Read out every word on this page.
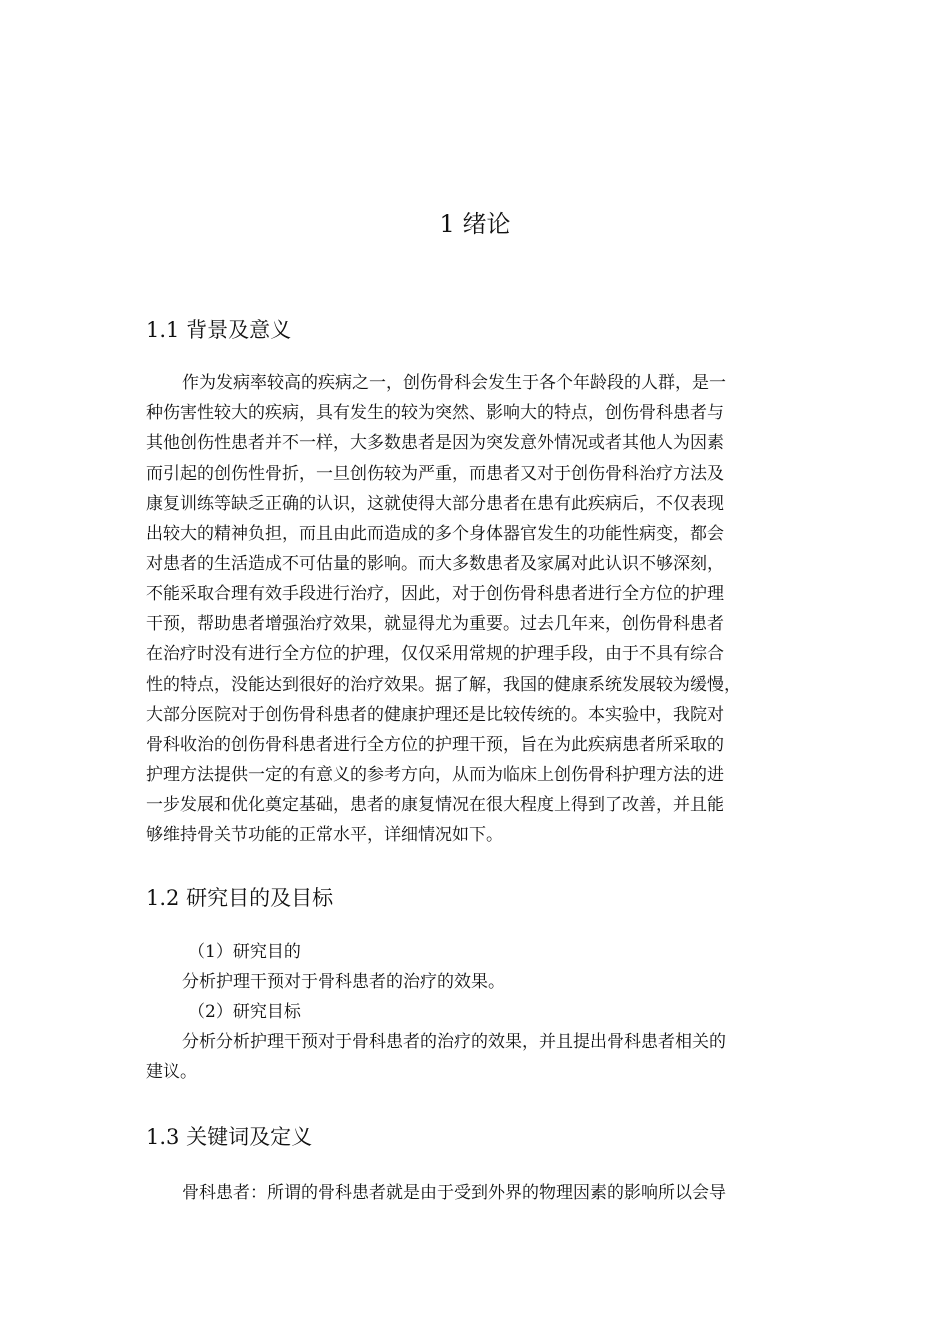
1 绪论
1.1 背景及意义

作为发病率较高的疾病之一，创伤骨科会发生于各个年龄段的人群，是一

种伤害性较大的疾病，具有发生的较为突然、影响大的特点，创伤骨科患者与

其他创伤性患者并不一样，大多数患者是因为突发意外情况或者其他人为因素

而引起的创伤性骨折，一旦创伤较为严重，而患者又对于创伤骨科治疗方法及

康复训练等缺乏正确的认识，这就使得大部分患者在患有此疾病后，不仅表现

出较大的精神负担，而且由此而造成的多个身体器官发生的功能性病变，都会

对患者的生活造成不可估量的影响。而大多数患者及家属对此认识不够深刻，

不能采取合理有效手段进行治疗，因此，对于创伤骨科患者进行全方位的护理

干预，帮助患者增强治疗效果，就显得尤为重要。过去几年来，创伤骨科患者

在治疗时没有进行全方位的护理，仅仅采用常规的护理手段，由于不具有综合

性的特点，没能达到很好的治疗效果。据了解，我国的健康系统发展较为缓慢，

大部分医院对于创伤骨科患者的健康护理还是比较传统的。本实验中，我院对

骨科收治的创伤骨科患者进行全方位的护理干预，旨在为此疾病患者所采取的

护理方法提供一定的有意义的参考方向，从而为临床上创伤骨科护理方法的进

一步发展和优化奠定基础，患者的康复情况在很大程度上得到了改善，并且能

够维持骨关节功能的正常水平，详细情况如下。

1.2 研究目的及目标

（1）研究目的

分析护理干预对于骨科患者的治疗的效果。

（2）研究目标

分析分析护理干预对于骨科患者的治疗的效果，并且提出骨科患者相关的

建议。

1.3 关键词及定义

骨科患者：所谓的骨科患者就是由于受到外界的物理因素的影响所以会导
